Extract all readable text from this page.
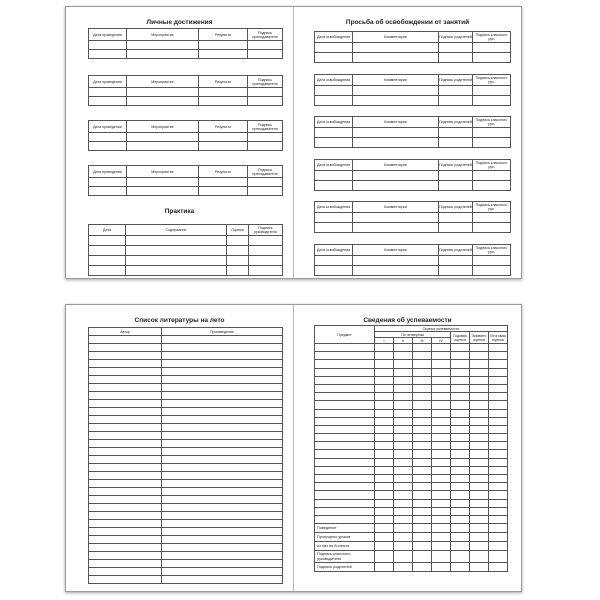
Личные достижения
Дата проведения	Мероприятие	Результат	Подпись преподавателя

Дата проведения	Мероприятие	Результат	Подпись преподавателя

Дата проведения	Мероприятие	Результат	Подпись преподавателя

Дата проведения	Мероприятие	Результат	Подпись преподавателя

Практика
Дата	Содержание	Оценка	Подпись руководителя

Просьба об освобождении от занятий
Дата освобождения	Комментарии	Подпись родителей	Подпись классного рук.

Дата освобождения	Комментарии	Подпись родителей	Подпись классного рук.

Дата освобождения	Комментарии	Подпись родителей	Подпись классного рук.

Дата освобождения	Комментарии	Подпись родителей	Подпись классного рук.

Дата освобождения	Комментарии	Подпись родителей	Подпись классного рук.

Дата освобождения	Комментарии	Подпись родителей	Подпись классного рук.

Список литературы на лето
Автор	Произведение

Сведения об успеваемости
Предмет	Оценка успеваемости						
	По четвертям				Годовая оценка	Экзамен. оценка	Итоговая оценка
	I	II	III	IV			

Поведение							
Пропущено уроков							
из них по болезни							
Подпись классного руководителя							
Подпись родителей							
